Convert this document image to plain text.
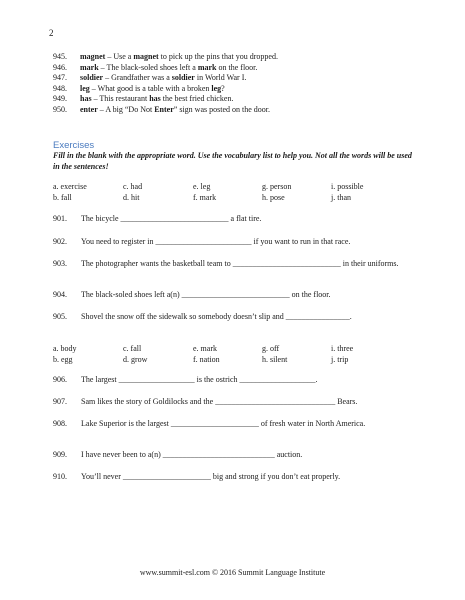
2
945. magnet – Use a magnet to pick up the pins that you dropped.
946. mark – The black-soled shoes left a mark on the floor.
947. soldier – Grandfather was a soldier in World War I.
948. leg – What good is a table with a broken leg?
949. has – This restaurant has the best fried chicken.
950. enter – A big “Do Not Enter” sign was posted on the door.
Exercises
Fill in the blank with the appropriate word. Use the vocabulary list to help you. Not all the words will be used in the sentences!
a. exercise	c. had	e. leg	g. person	i. possible
b. fall	d. hit	f. mark	h. pose	j. than
901. The bicycle ___________________________ a flat tire.
902. You need to register in ________________________ if you want to run in that race.
903. The photographer wants the basketball team to ___________________________ in their uniforms.
904. The black-soled shoes left a(n) ___________________________ on the floor.
905. Shovel the snow off the sidewalk so somebody doesn’t slip and ________________.
a. body	c. fall	e. mark	g. off	i. three
b. egg	d. grow	f. nation	h. silent	j. trip
906. The largest ___________________ is the ostrich ___________________.
907. Sam likes the story of Goldilocks and the ______________________________ Bears.
908. Lake Superior is the largest ______________________ of fresh water in North America.
909. I have never been to a(n) ____________________________ auction.
910. You’ll never ______________________ big and strong if you don’t eat properly.
www.summit-esl.com © 2016 Summit Language Institute
